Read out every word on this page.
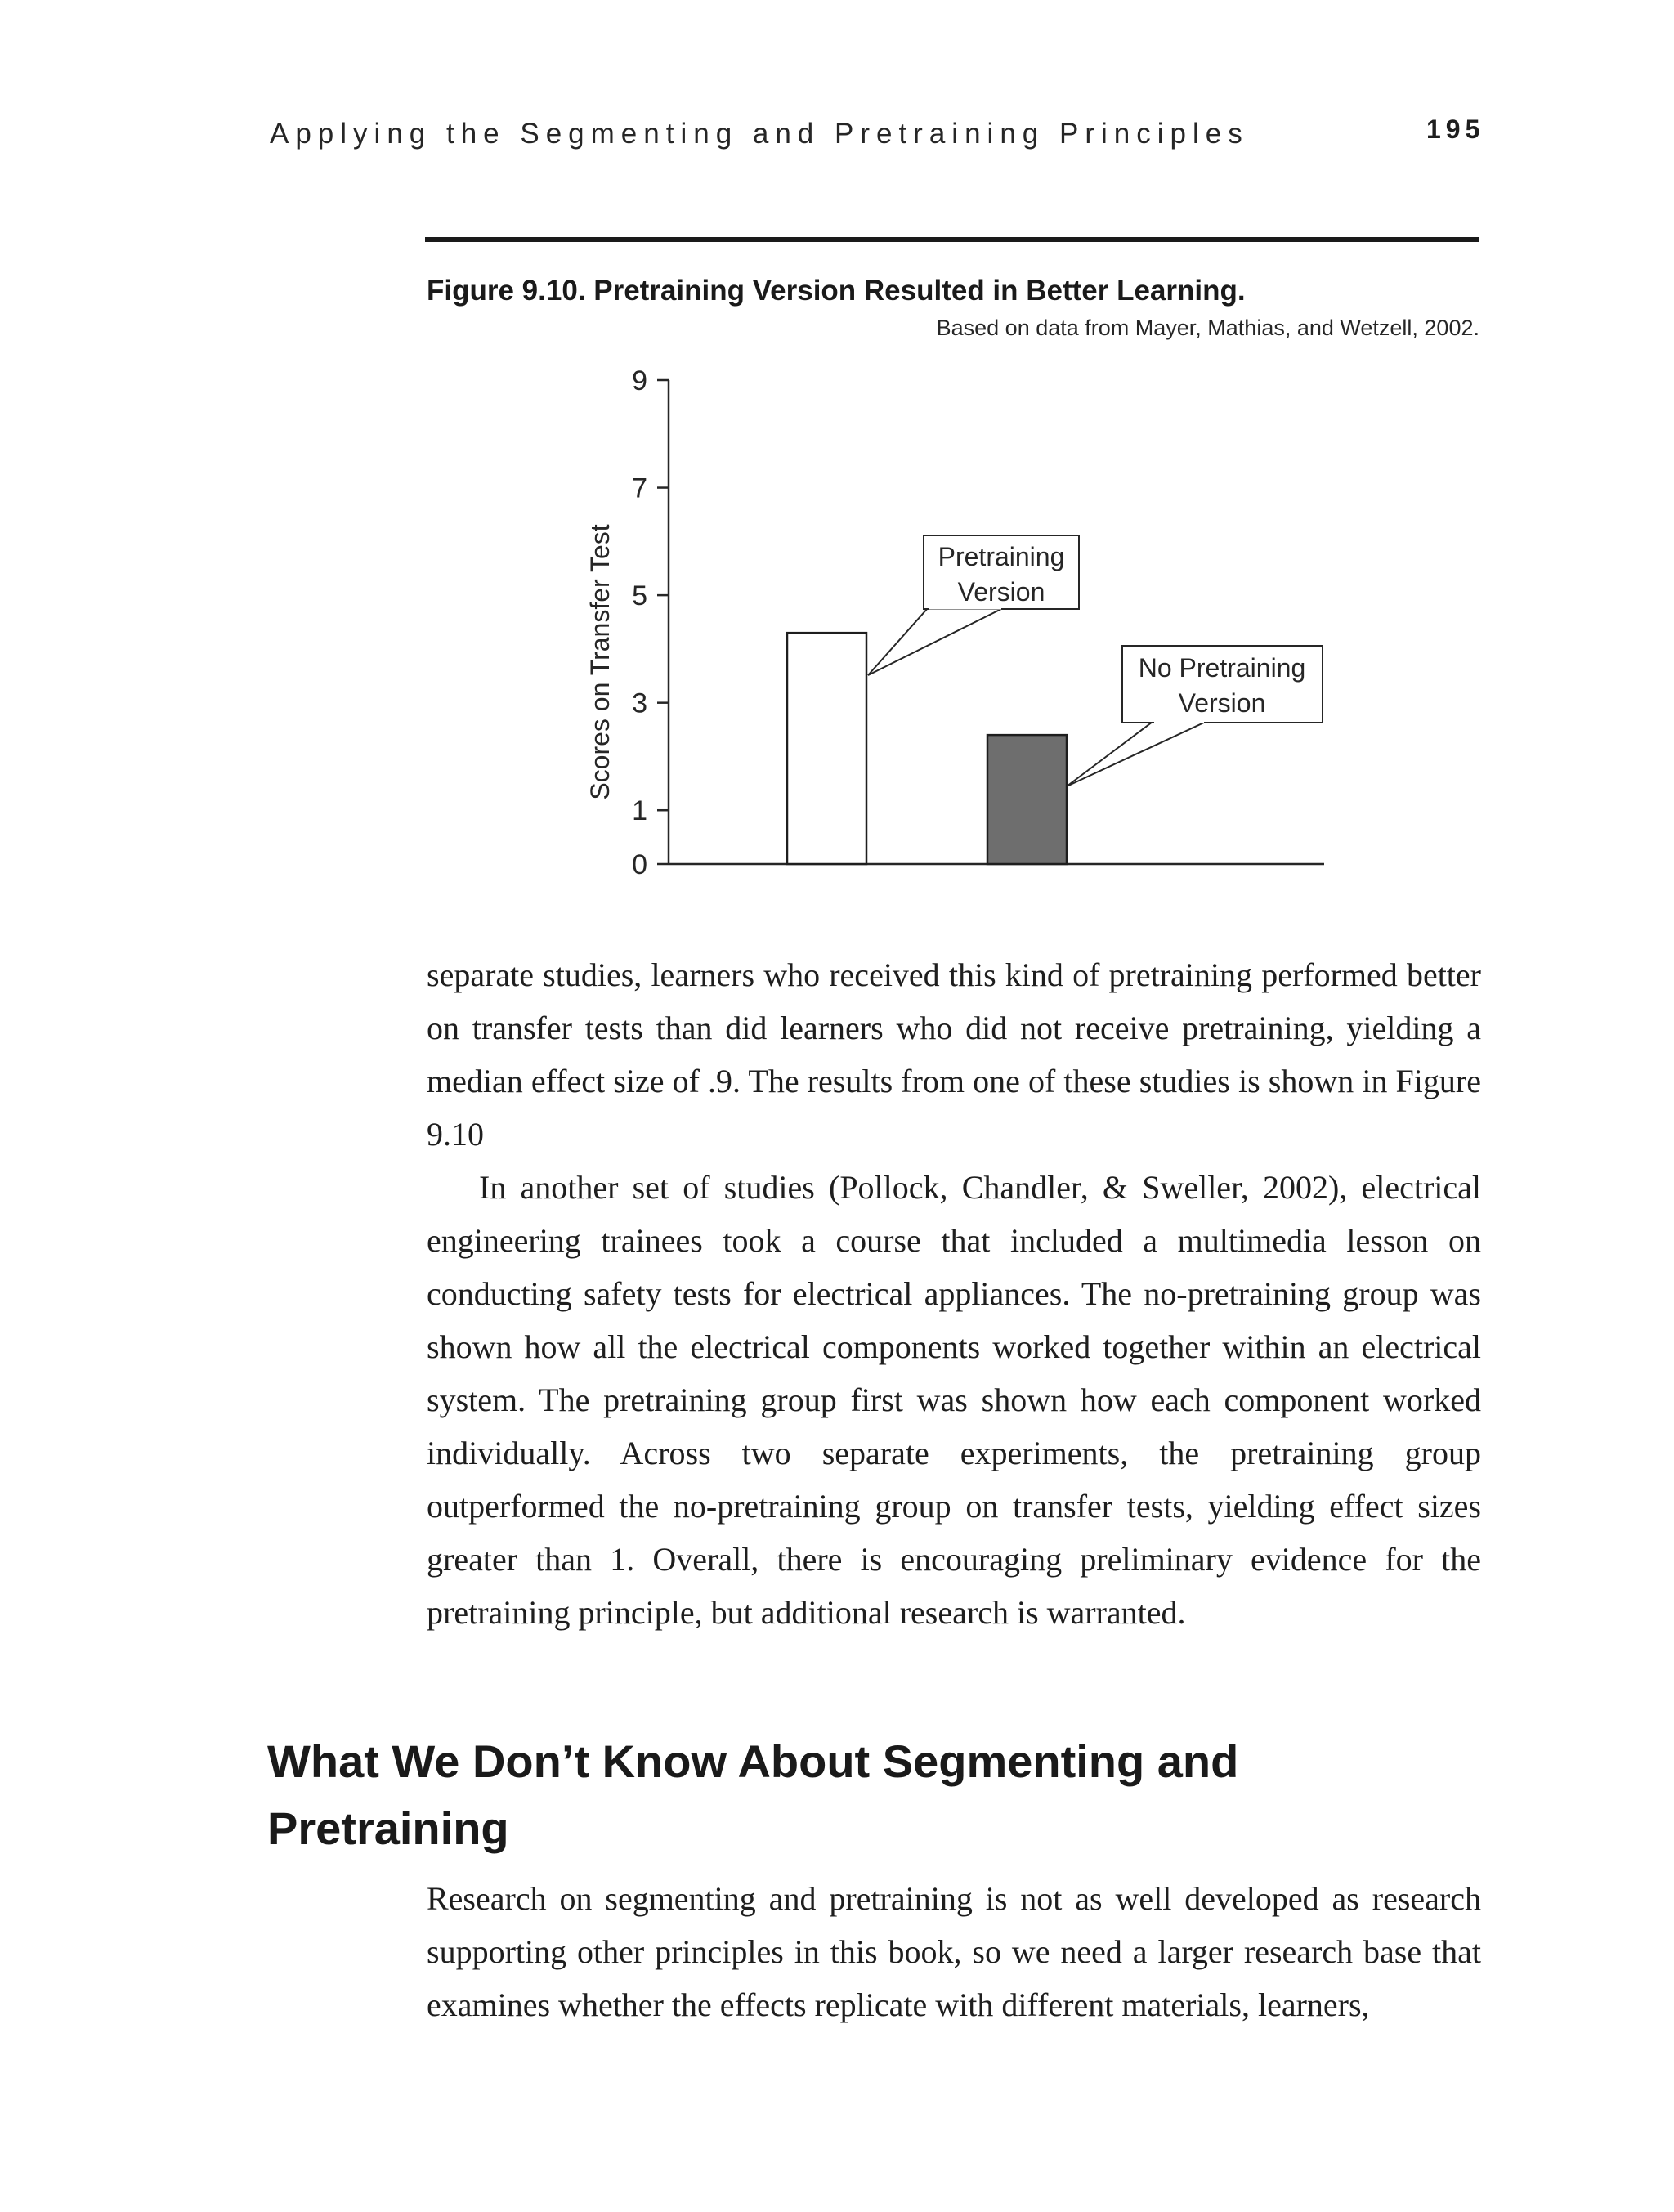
Applying the Segmenting and Pretraining Principles	195
Figure 9.10. Pretraining Version Resulted in Better Learning.
Based on data from Mayer, Mathias, and Wetzell, 2002.
Scores on Transfer Test
0
1
3
5
7
9
Pretraining
Version
No Pretraining
Version

separate studies, learners who received this kind of pretraining performed better on transfer tests than did learners who did not receive pretraining, yielding a median effect size of .9. The results from one of these studies is shown in Figure 9.10

In another set of studies (Pollock, Chandler, & Sweller, 2002), electrical engineering trainees took a course that included a multimedia lesson on conducting safety tests for electrical appliances. The no-pretraining group was shown how all the electrical components worked together within an electrical system. The pretraining group first was shown how each component worked individually. Across two separate experiments, the pretraining group outperformed the no-pretraining group on transfer tests, yielding effect sizes greater than 1. Overall, there is encouraging preliminary evidence for the pretraining principle, but additional research is warranted.

What We Don’t Know About Segmenting and Pretraining

Research on segmenting and pretraining is not as well developed as research supporting other principles in this book, so we need a larger research base that examines whether the effects replicate with different materials, learners,
